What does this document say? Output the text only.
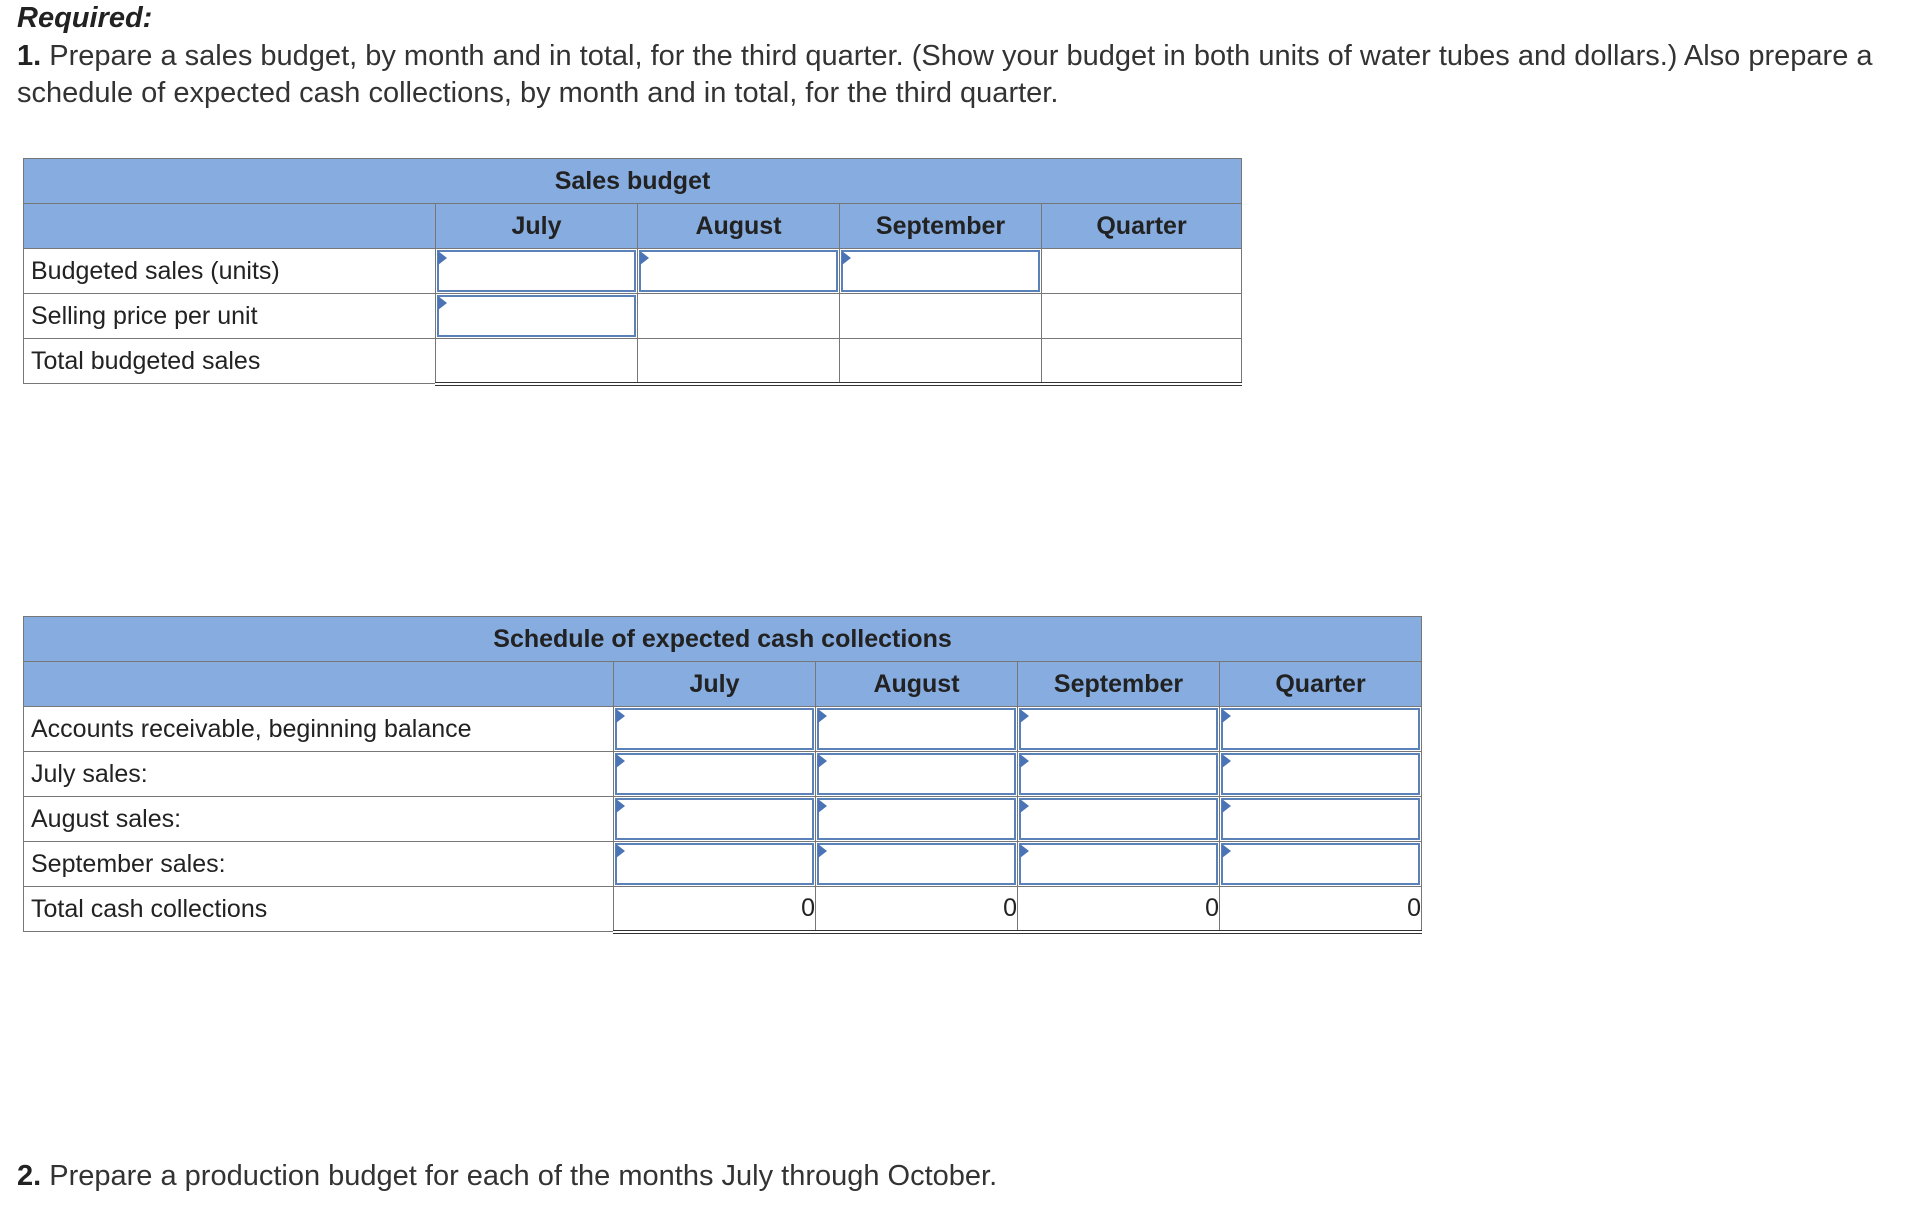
Required:

1. Prepare a sales budget, by month and in total, for the third quarter. (Show your budget in both units of water tubes and dollars.) Also prepare a schedule of expected cash collections, by month and in total, for the third quarter.

Sales budget				
	July	August	September	Quarter
Budgeted sales (units)	

Selling price per unit	

Total budgeted sales				
Schedule of expected cash collections				
	July	August	September	Quarter
Accounts receivable, beginning balance	

July sales:	

August sales:	

September sales:	

Total cash collections	0	0	0	0

2. Prepare a production budget for each of the months July through October.
